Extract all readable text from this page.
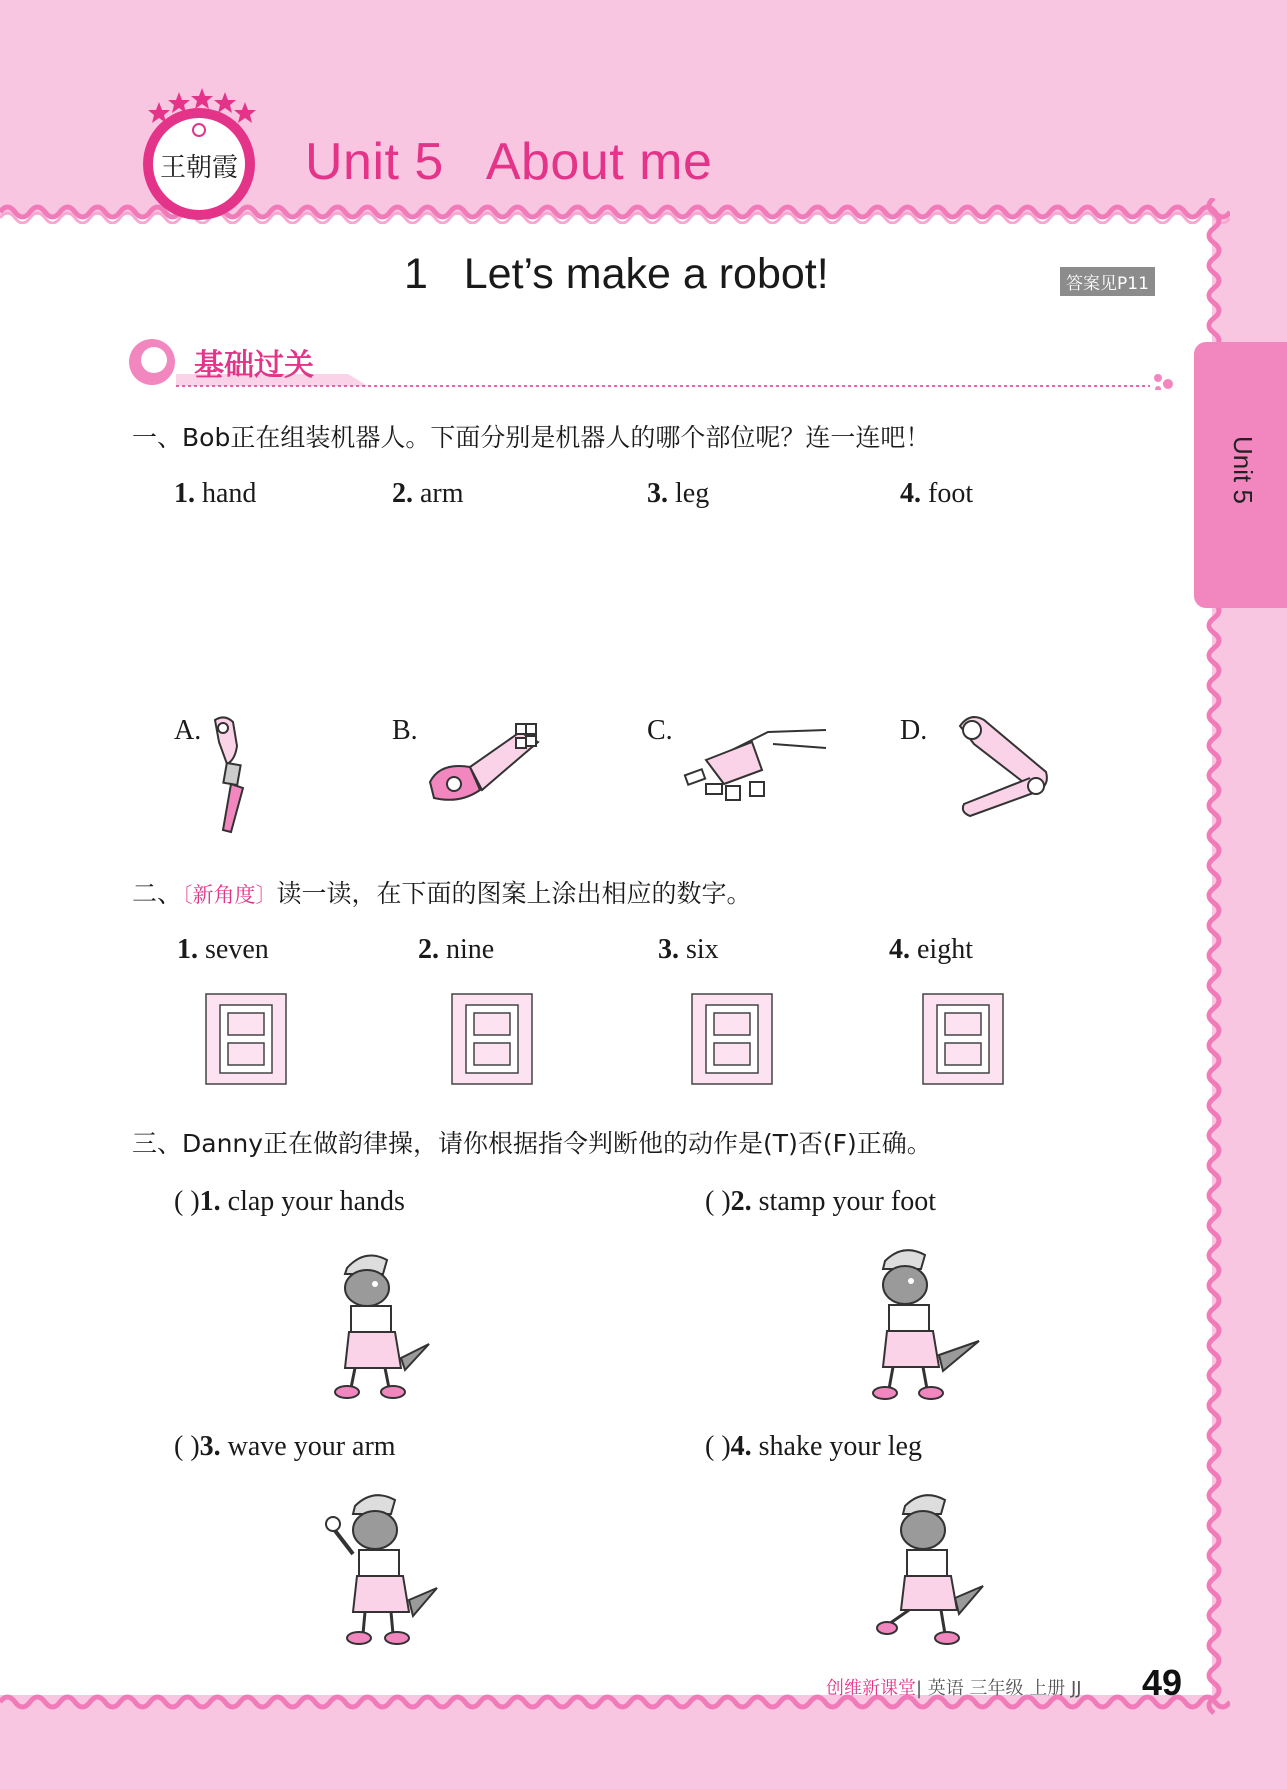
王朝霞 Unit 5   About me
1   Let’s make a robot!	答案见P11
Unit 5
基础过关
一、Bob正在组装机器人。下面分别是机器人的哪个部位呢？连一连吧！
1. hand	2. arm	3. leg	4. foot
A.	B.	C.	D.
二、〔新角度〕读一读，在下面的图案上涂出相应的数字。
1. seven	2. nine	3. six	4. eight
三、Danny正在做韵律操，请你根据指令判断他的动作是(T)否(F)正确。
( )1. clap your hands	( )2. stamp your foot
( )3. wave your arm	( )4. shake your leg
创维新课堂| 英语 三年级 上册 JJ 49
